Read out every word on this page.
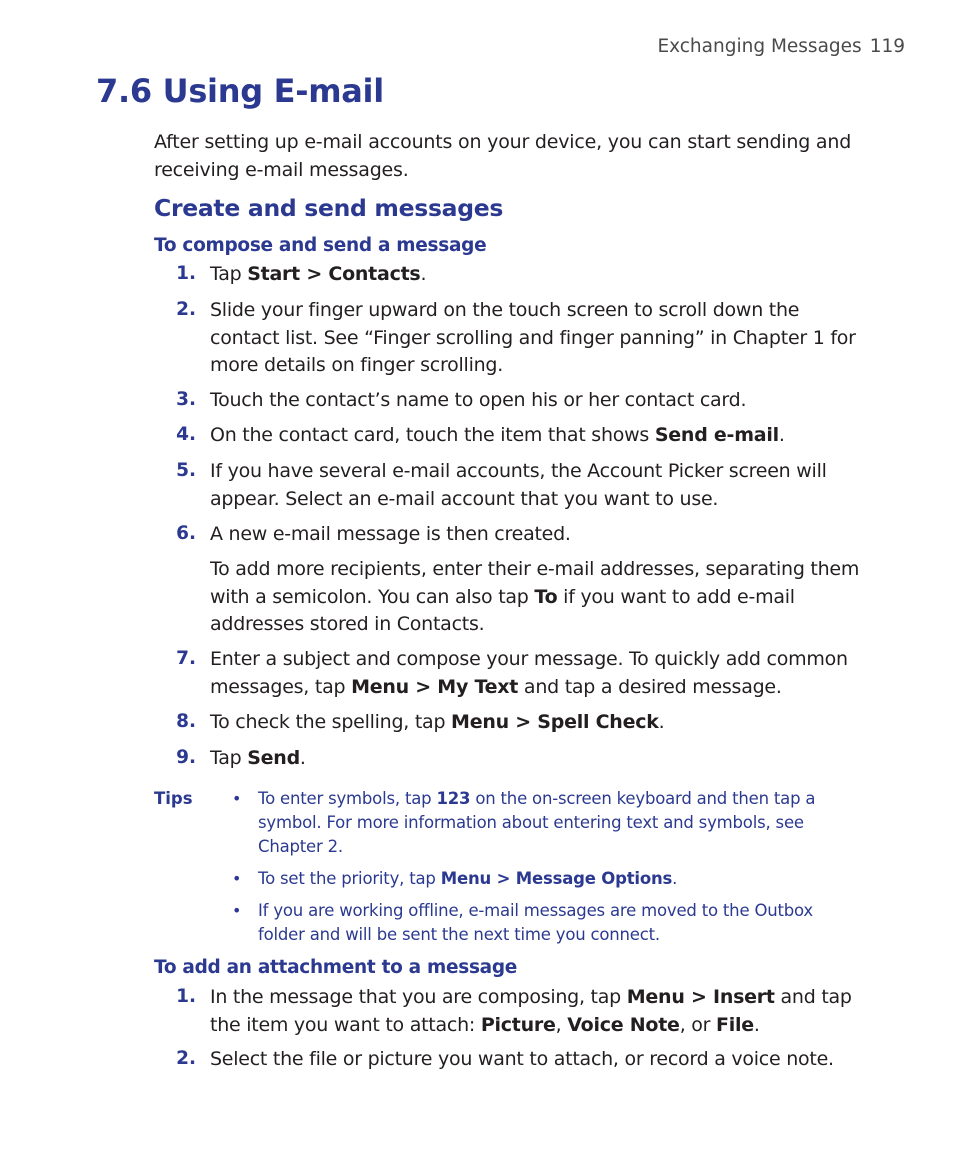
Exchanging Messages 119
7.6 Using E-mail
After setting up e-mail accounts on your device, you can start sending and receiving e-mail messages.
Create and send messages
To compose and send a message
1. Tap Start > Contacts.
2. Slide your finger upward on the touch screen to scroll down the contact list. See “Finger scrolling and finger panning” in Chapter 1 for more details on finger scrolling.
3. Touch the contact’s name to open his or her contact card.
4. On the contact card, touch the item that shows Send e-mail.
5. If you have several e-mail accounts, the Account Picker screen will appear. Select an e-mail account that you want to use.
6. A new e-mail message is then created.
To add more recipients, enter their e-mail addresses, separating them with a semicolon. You can also tap To if you want to add e-mail addresses stored in Contacts.
7. Enter a subject and compose your message. To quickly add common messages, tap Menu > My Text and tap a desired message.
8. To check the spelling, tap Menu > Spell Check.
9. Tap Send.
Tips • To enter symbols, tap 123 on the on-screen keyboard and then tap a symbol. For more information about entering text and symbols, see Chapter 2.
• To set the priority, tap Menu > Message Options.
• If you are working offline, e-mail messages are moved to the Outbox folder and will be sent the next time you connect.
To add an attachment to a message
1. In the message that you are composing, tap Menu > Insert and tap the item you want to attach: Picture, Voice Note, or File.
2. Select the file or picture you want to attach, or record a voice note.
